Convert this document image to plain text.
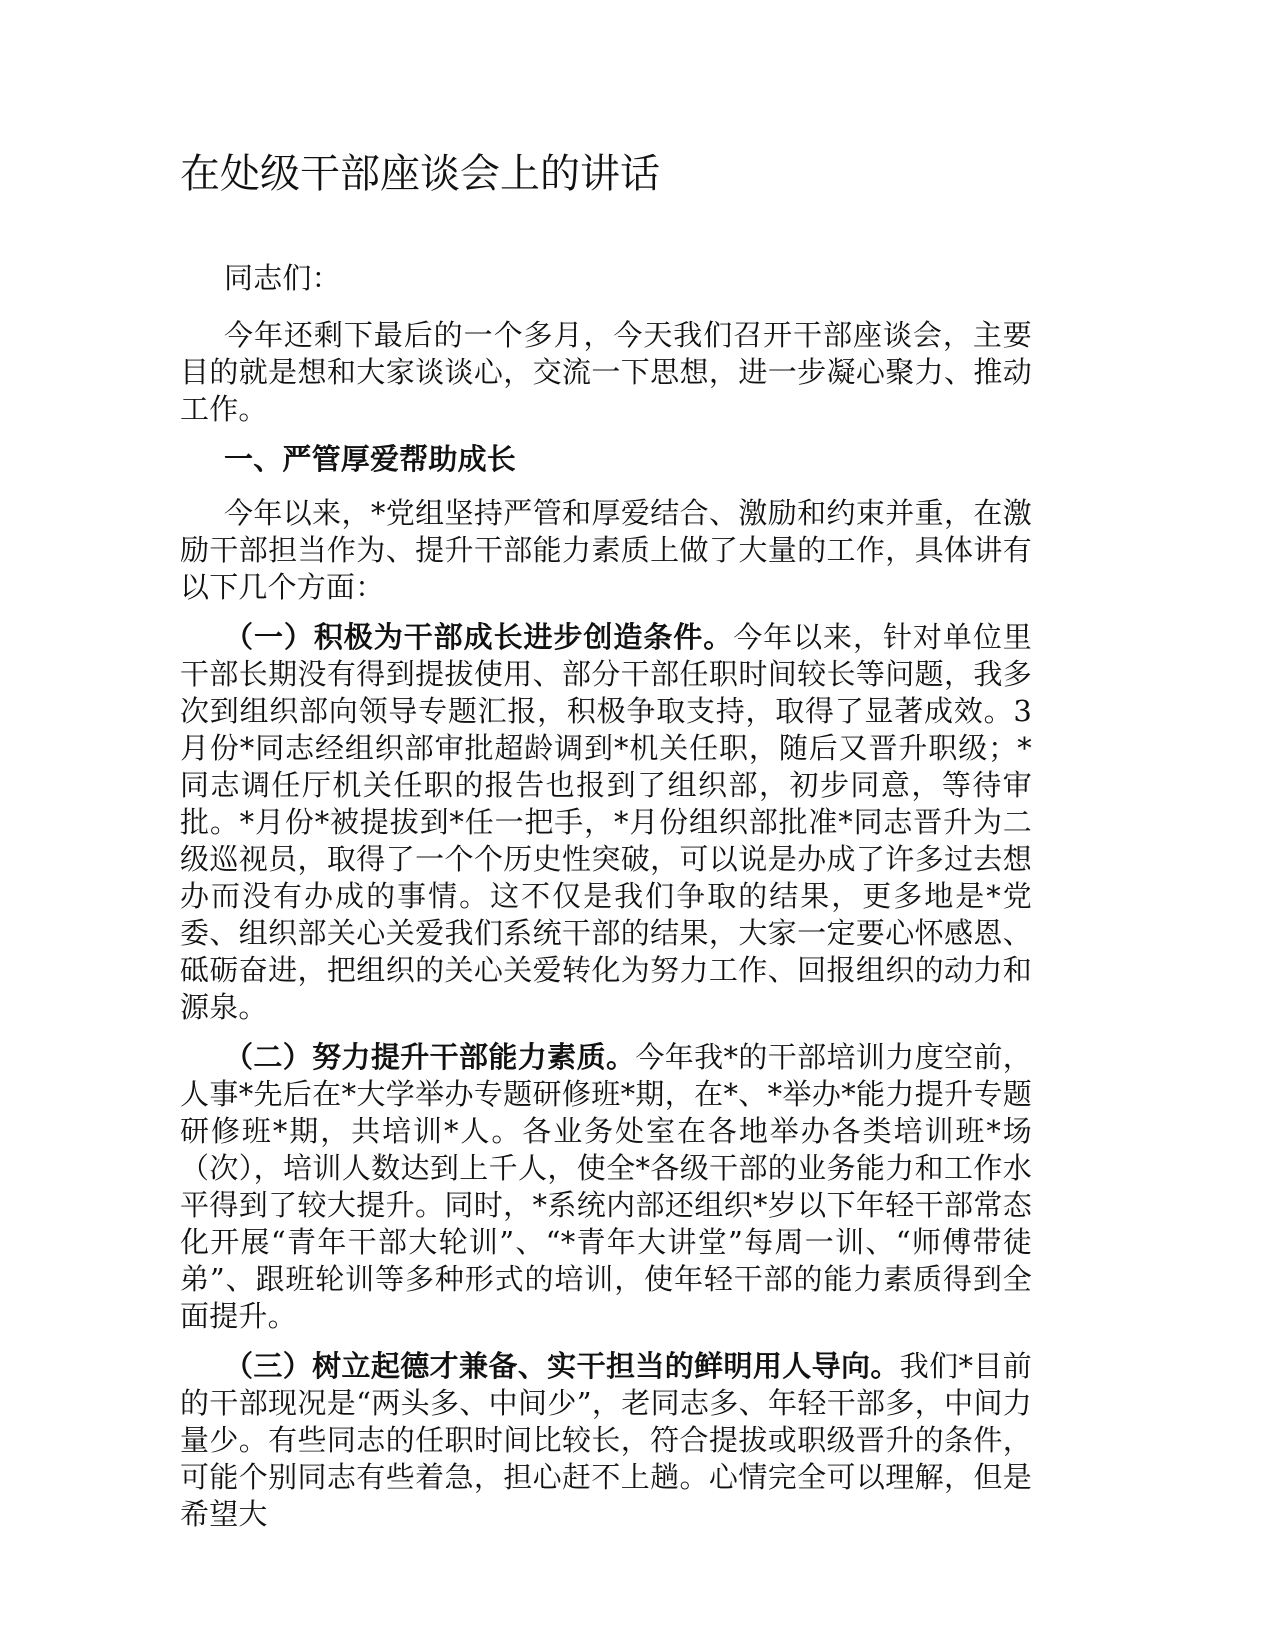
在处级干部座谈会上的讲话

同志们：

今年还剩下最后的一个多月，今天我们召开干部座谈会，主要目的就是想和大家谈谈心，交流一下思想，进一步凝心聚力、推动工作。

一、严管厚爱帮助成长

今年以来，*党组坚持严管和厚爱结合、激励和约束并重，在激励干部担当作为、提升干部能力素质上做了大量的工作，具体讲有以下几个方面：

（一）积极为干部成长进步创造条件。今年以来，针对单位里干部长期没有得到提拔使用、部分干部任职时间较长等问题，我多次到组织部向领导专题汇报，积极争取支持，取得了显著成效。3月份*同志经组织部审批超龄调到*机关任职，随后又晋升职级；*同志调任厅机关任职的报告也报到了组织部，初步同意，等待审批。*月份*被提拔到*任一把手，*月份组织部批准*同志晋升为二级巡视员，取得了一个个历史性突破，可以说是办成了许多过去想办而没有办成的事情。这不仅是我们争取的结果，更多地是*党委、组织部关心关爱我们系统干部的结果，大家一定要心怀感恩、砥砺奋进，把组织的关心关爱转化为努力工作、回报组织的动力和源泉。

（二）努力提升干部能力素质。今年我*的干部培训力度空前，人事*先后在*大学举办专题研修班*期，在*、*举办*能力提升专题研修班*期，共培训*人。各业务处室在各地举办各类培训班*场（次），培训人数达到上千人，使全*各级干部的业务能力和工作水平得到了较大提升。同时，*系统内部还组织*岁以下年轻干部常态化开展“青年干部大轮训”、“*青年大讲堂”每周一训、“师傅带徒弟”、跟班轮训等多种形式的培训，使年轻干部的能力素质得到全面提升。

（三）树立起德才兼备、实干担当的鲜明用人导向。我们*目前的干部现况是“两头多、中间少”，老同志多、年轻干部多，中间力量少。有些同志的任职时间比较长，符合提拔或职级晋升的条件，可能个别同志有些着急，担心赶不上趟。心情完全可以理解，但是希望大
